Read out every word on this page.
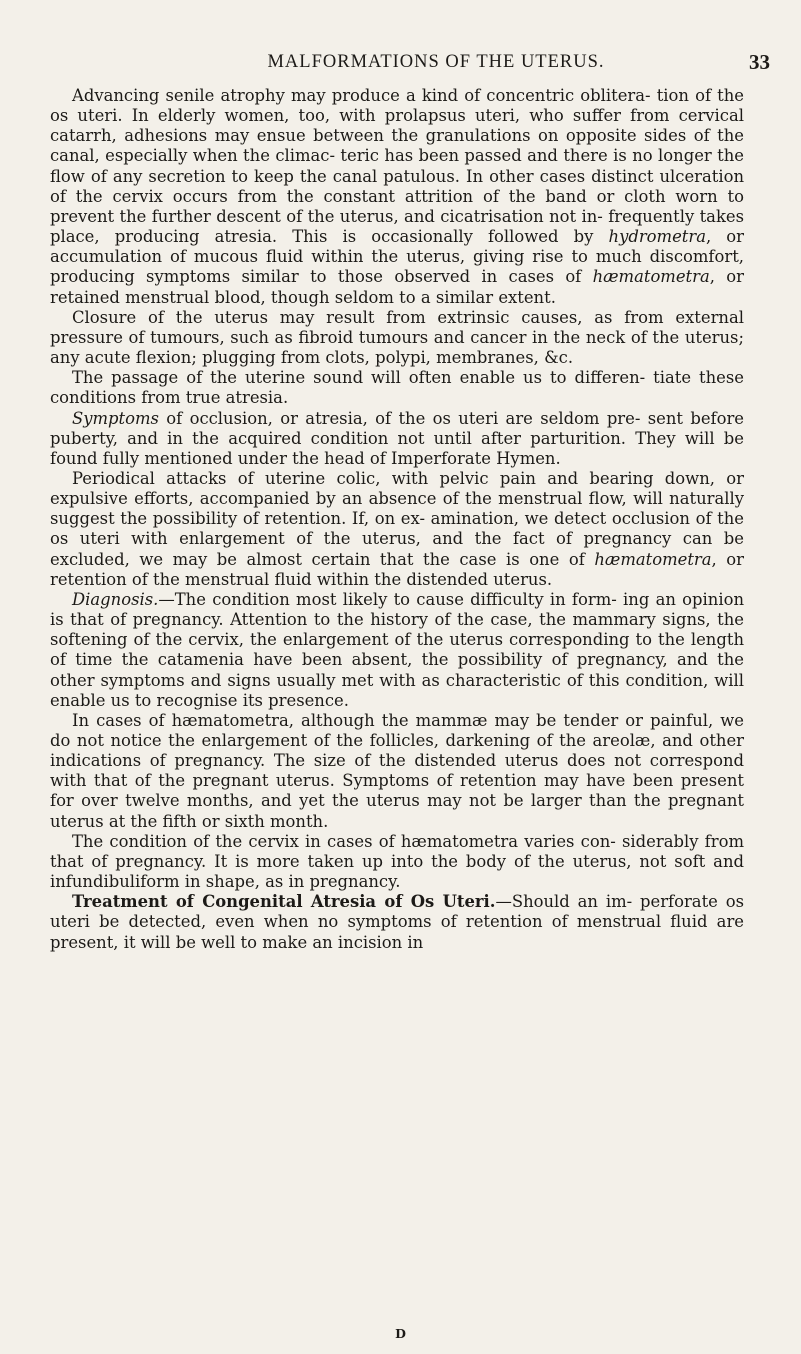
MALFORMATIONS OF THE UTERUS.	33

Advancing senile atrophy may produce a kind of concentric oblitera- tion of the os uteri. In elderly women, too, with prolapsus uteri, who suffer from cervical catarrh, adhesions may ensue between the granulations on opposite sides of the canal, especially when the climac- teric has been passed and there is no longer the flow of any secretion to keep the canal patulous. In other cases distinct ulceration of the cervix occurs from the constant attrition of the band or cloth worn to prevent the further descent of the uterus, and cicatrisation not in- frequently takes place, producing atresia. This is occasionally followed by hydrometra, or accumulation of mucous fluid within the uterus, giving rise to much discomfort, producing symptoms similar to those observed in cases of hæmatometra, or retained menstrual blood, though seldom to a similar extent.

Closure of the uterus may result from extrinsic causes, as from external pressure of tumours, such as fibroid tumours and cancer in the neck of the uterus; any acute flexion; plugging from clots, polypi, membranes, &c.

The passage of the uterine sound will often enable us to differen- tiate these conditions from true atresia.

Symptoms of occlusion, or atresia, of the os uteri are seldom pre- sent before puberty, and in the acquired condition not until after parturition. They will be found fully mentioned under the head of Imperforate Hymen.

Periodical attacks of uterine colic, with pelvic pain and bearing down, or expulsive efforts, accompanied by an absence of the menstrual flow, will naturally suggest the possibility of retention. If, on ex- amination, we detect occlusion of the os uteri with enlargement of the uterus, and the fact of pregnancy can be excluded, we may be almost certain that the case is one of hæmatometra, or retention of the menstrual fluid within the distended uterus.

Diagnosis.—The condition most likely to cause difficulty in form- ing an opinion is that of pregnancy. Attention to the history of the case, the mammary signs, the softening of the cervix, the enlargement of the uterus corresponding to the length of time the catamenia have been absent, the possibility of pregnancy, and the other symptoms and signs usually met with as characteristic of this condition, will enable us to recognise its presence.

In cases of hæmatometra, although the mammæ may be tender or painful, we do not notice the enlargement of the follicles, darkening of the areolæ, and other indications of pregnancy. The size of the distended uterus does not correspond with that of the pregnant uterus. Symptoms of retention may have been present for over twelve months, and yet the uterus may not be larger than the pregnant uterus at the fifth or sixth month.

The condition of the cervix in cases of hæmatometra varies con- siderably from that of pregnancy. It is more taken up into the body of the uterus, not soft and infundibuliform in shape, as in pregnancy.

Treatment of Congenital Atresia of Os Uteri.—Should an im- perforate os uteri be detected, even when no symptoms of retention of menstrual fluid are present, it will be well to make an incision in

D
